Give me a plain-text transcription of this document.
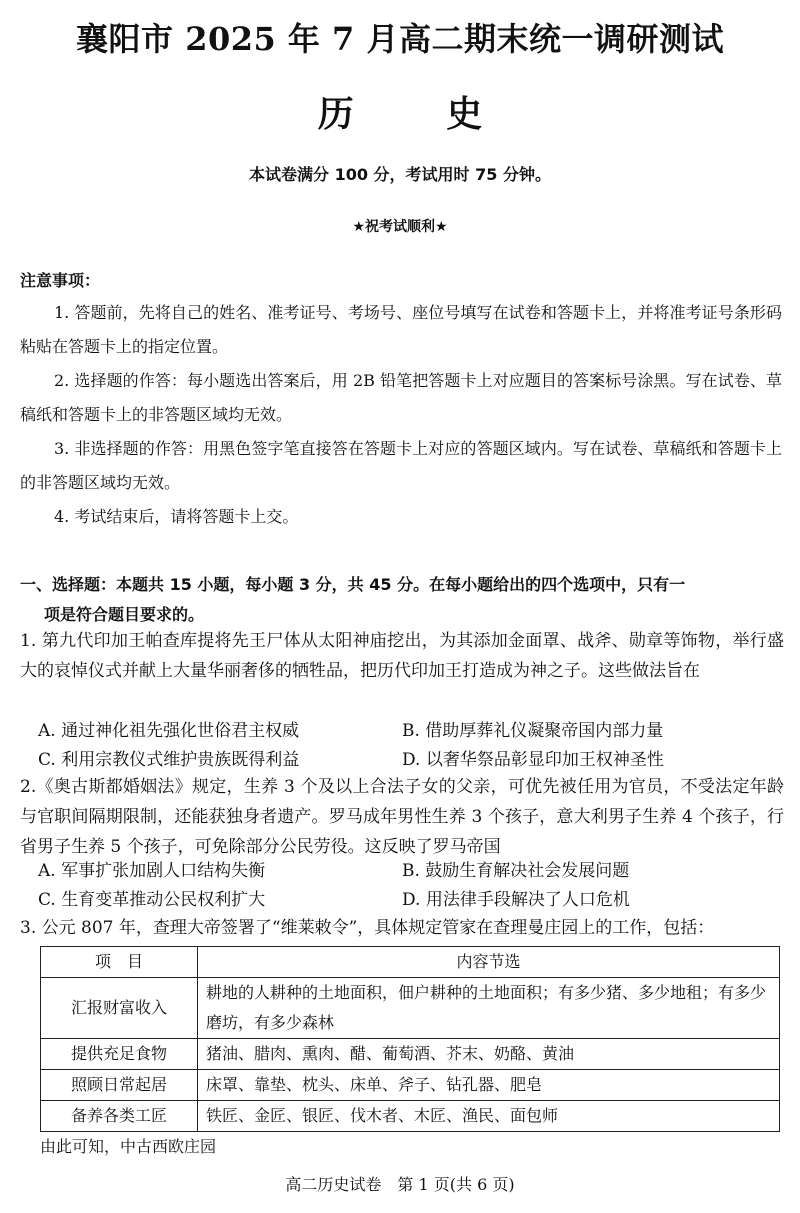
襄阳市 2025 年 7 月高二期末统一调研测试
历 史
本试卷满分 100 分，考试用时 75 分钟。
★祝考试顺利★
注意事项：
1. 答题前，先将自己的姓名、准考证号、考场号、座位号填写在试卷和答题卡上，并将准考证号条形码粘贴在答题卡上的指定位置。
2. 选择题的作答：每小题选出答案后，用 2B 铅笔把答题卡上对应题目的答案标号涂黑。写在试卷、草稿纸和答题卡上的非答题区域均无效。
3. 非选择题的作答：用黑色签字笔直接答在答题卡上对应的答题区域内。写在试卷、草稿纸和答题卡上的非答题区域均无效。
4. 考试结束后，请将答题卡上交。
一、选择题：本题共 15 小题，每小题 3 分，共 45 分。在每小题给出的四个选项中，只有一
项是符合题目要求的。
1. 第九代印加王帕查库提将先王尸体从太阳神庙挖出，为其添加金面罩、战斧、勋章等饰物，举行盛大的哀悼仪式并献上大量华丽奢侈的牺牲品，把历代印加王打造成为神之子。这些做法旨在
A. 通过神化祖先强化世俗君主权威	B. 借助厚葬礼仪凝聚帝国内部力量
C. 利用宗教仪式维护贵族既得利益	D. 以奢华祭品彰显印加王权神圣性
2.《奥古斯都婚姻法》规定，生养 3 个及以上合法子女的父亲，可优先被任用为官员，不受法定年龄与官职间隔期限制，还能获独身者遗产。罗马成年男性生养 3 个孩子，意大利男子生养 4 个孩子，行省男子生养 5 个孩子，可免除部分公民劳役。这反映了罗马帝国
A. 军事扩张加剧人口结构失衡	B. 鼓励生育解决社会发展问题
C. 生育变革推动公民权利扩大	D. 用法律手段解决了人口危机
3. 公元 807 年，查理大帝签署了“维莱敕令”，具体规定管家在查理曼庄园上的工作，包括：
项　目	内容节选
汇报财富收入	耕地的人耕种的土地面积，佃户耕种的土地面积；有多少猪、多少地租；有多少磨坊，有多少森林
提供充足食物	猪油、腊肉、熏肉、醋、葡萄酒、芥末、奶酪、黄油
照顾日常起居	床罩、靠垫、枕头、床单、斧子、钻孔器、肥皂
备养各类工匠	铁匠、金匠、银匠、伐木者、木匠、渔民、面包师
由此可知，中古西欧庄园
高二历史试卷　第 1 页(共 6 页)
